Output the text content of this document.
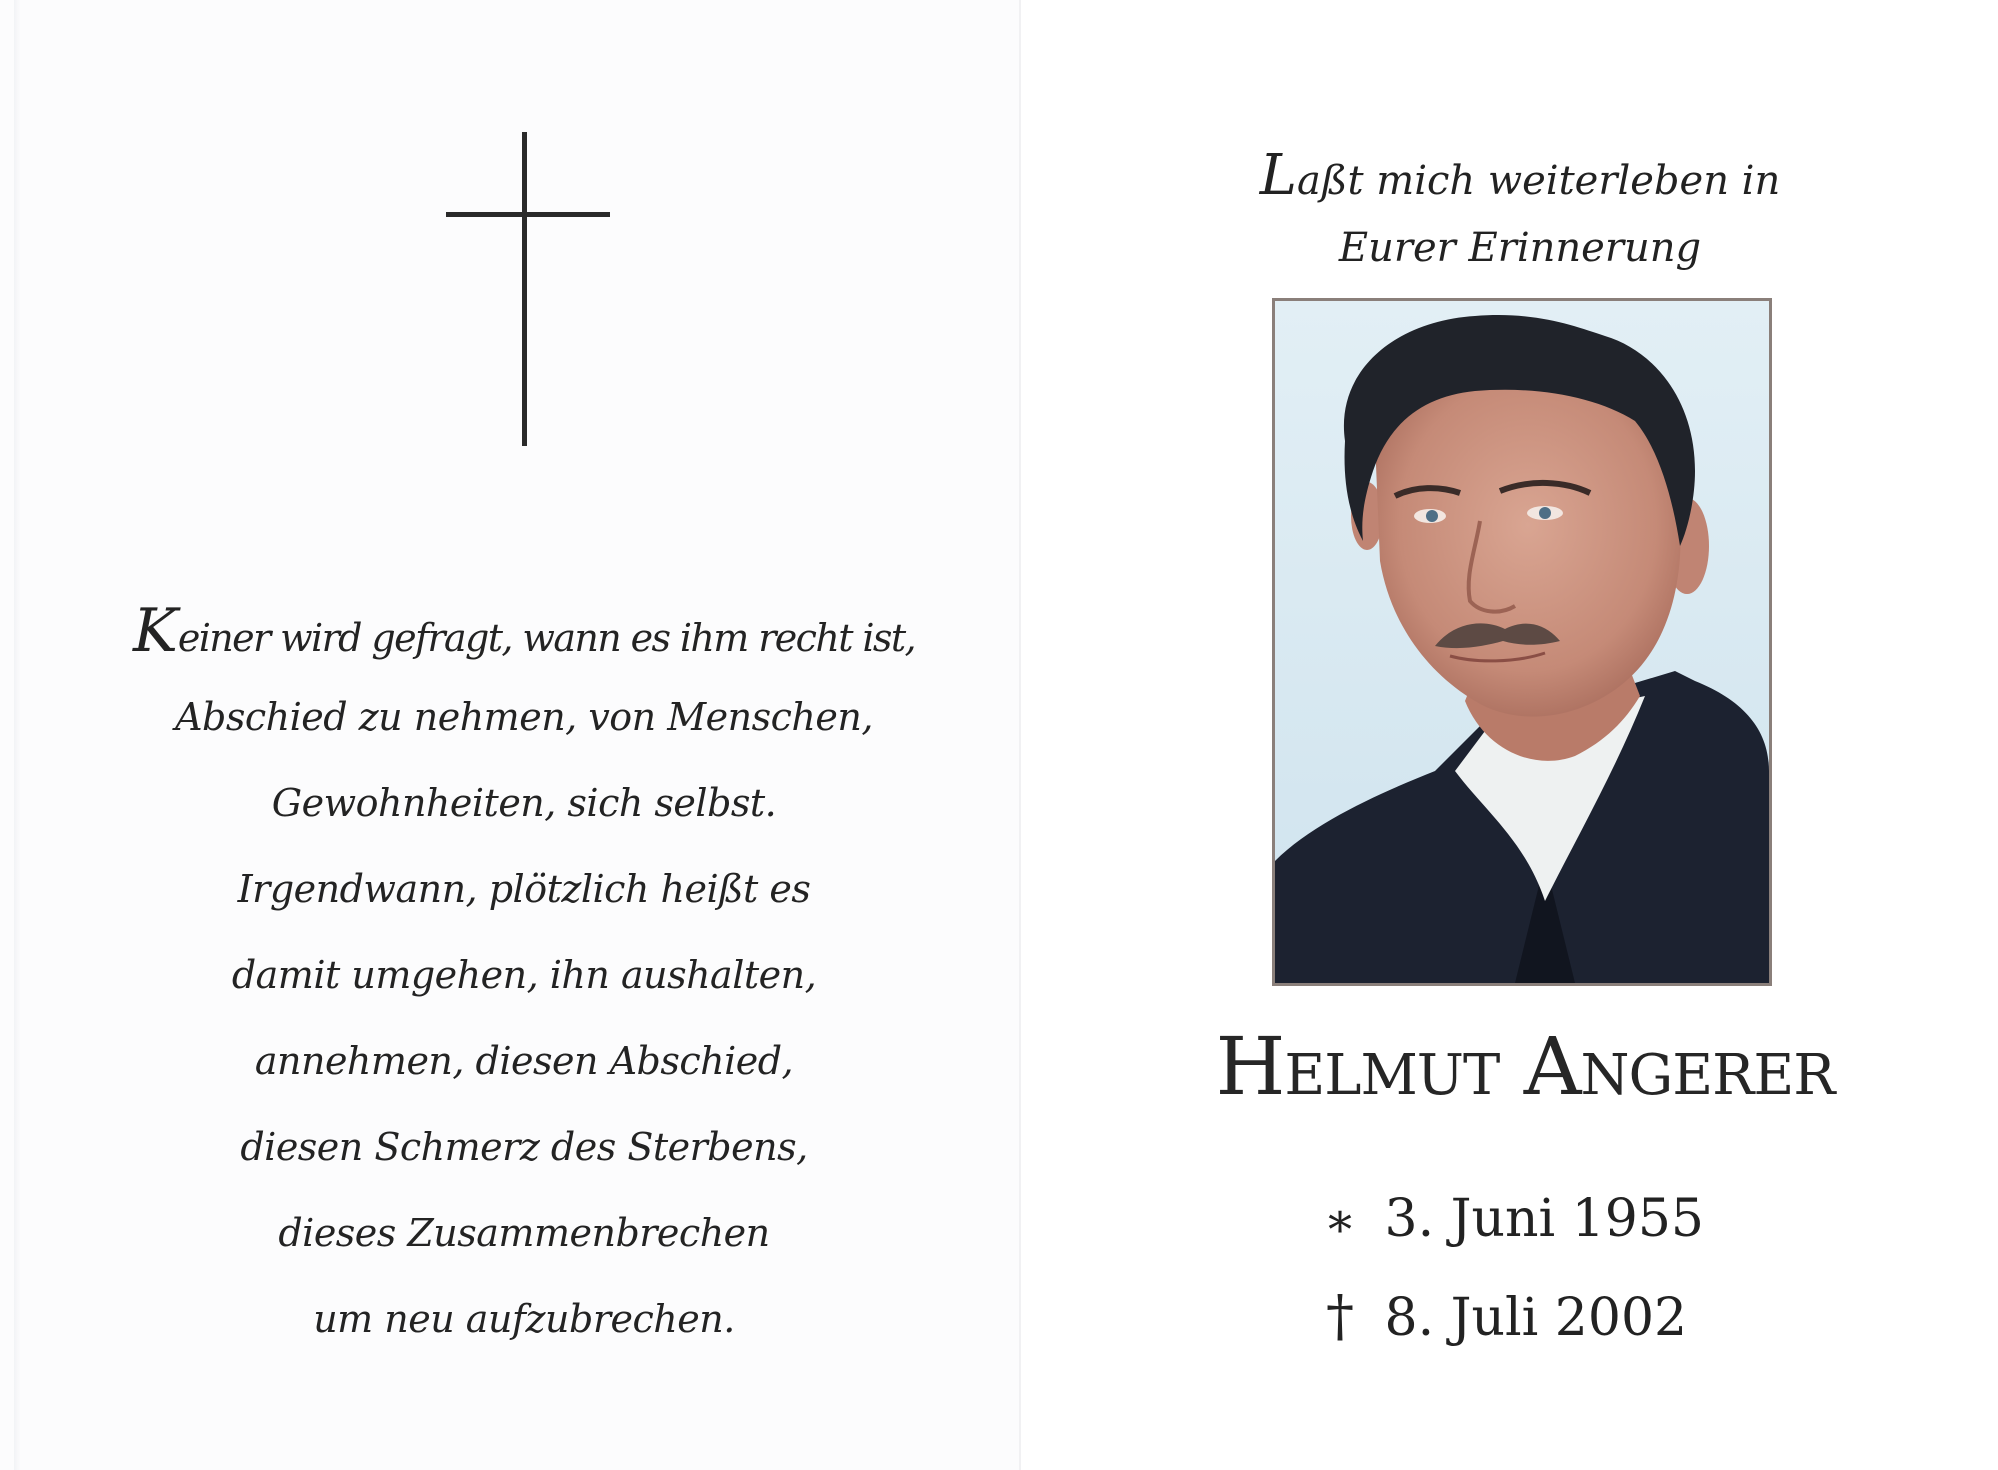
Keiner wird gefragt, wann es ihm recht ist,
Abschied zu nehmen, von Menschen,
Gewohnheiten, sich selbst.
Irgendwann, plötzlich heißt es
damit umgehen, ihn aushalten,
annehmen, diesen Abschied,
diesen Schmerz des Sterbens,
dieses Zusammenbrechen
um neu aufzubrechen.
Laßt mich weiterleben in
Eurer Erinnerung
Helmut Angerer
* 3. Juni 1955
† 8. Juli 2002
